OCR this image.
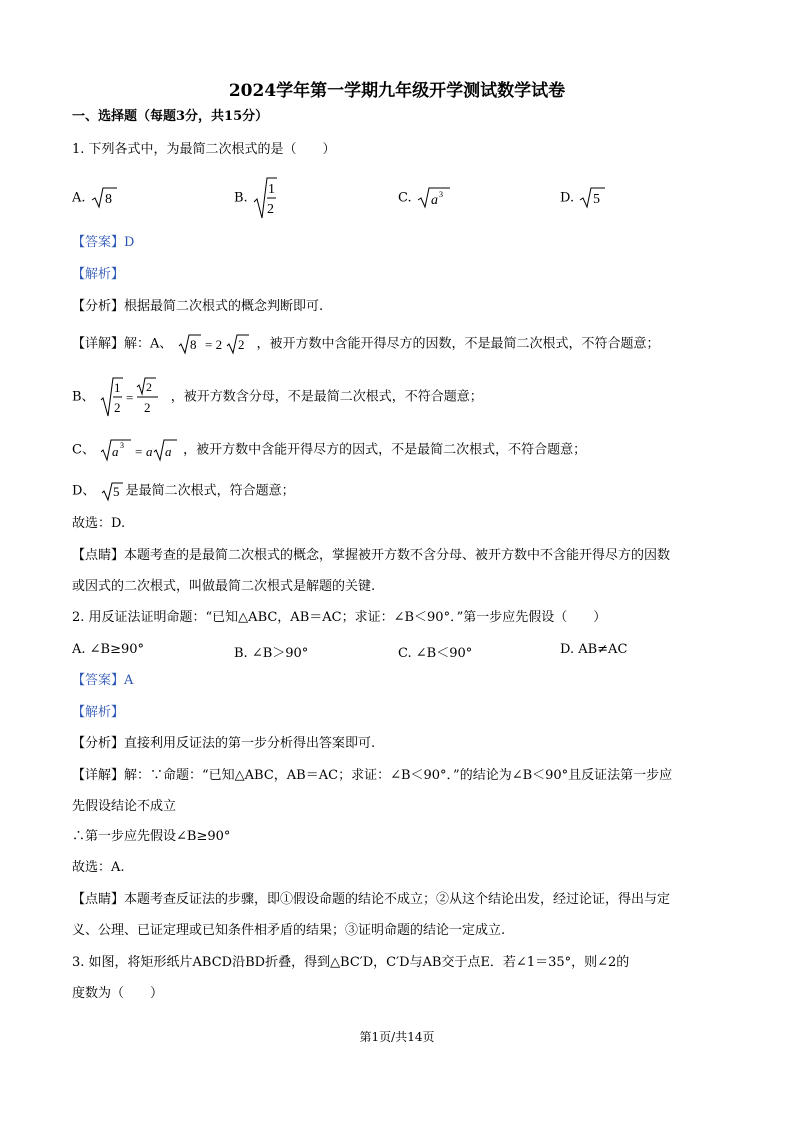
2024学年第一学期九年级开学测试数学试卷
一、选择题（每题3分，共15分）
1. 下列各式中，为最简二次根式的是（　　）
A. 8	B.
1
2
C. a 3	D. 5
【答案】D
【解析】
【分析】根据最简二次根式的概念判断即可.
【详解】解：A、 8 = 2 2 ，被开方数中含能开得尽方的因数，不是最简二次根式，不符合题意；
B、
1
2
=
2
2
，被开方数含分母，不是最简二次根式，不符合题意；
C、 a 3 = a a ，被开方数中含能开得尽方的因式，不是最简二次根式，不符合题意；
D、 5 是最简二次根式，符合题意；
故选：D.
【点睛】本题考查的是最简二次根式的概念，掌握被开方数不含分母、被开方数中不含能开得尽方的因数
或因式的二次根式，叫做最简二次根式是解题的关键.
2. 用反证法证明命题：“已知△ABC，AB＝AC；求证：∠B＜90°．”第一步应先假设（　　）
A. ∠B≥90°	B. ∠B＞90°	C. ∠B＜90°	D. AB≠AC
【答案】A
【解析】
【分析】直接利用反证法的第一步分析得出答案即可.
【详解】解：∵命题：“已知△ABC，AB＝AC；求证：∠B＜90°．”的结论为∠B＜90°且反证法第一步应
先假设结论不成立
∴第一步应先假设∠B≥90°
故选：A.
【点睛】本题考查反证法的步骤，即①假设命题的结论不成立；②从这个结论出发，经过论证，得出与定
义、公理、已证定理或已知条件相矛盾的结果；③证明命题的结论一定成立.
3. 如图，将矩形纸片ABCD沿BD折叠，得到△BC′D，C′D与AB交于点E．若∠1＝35°，则∠2的
度数为（　　）
第1页/共14页
